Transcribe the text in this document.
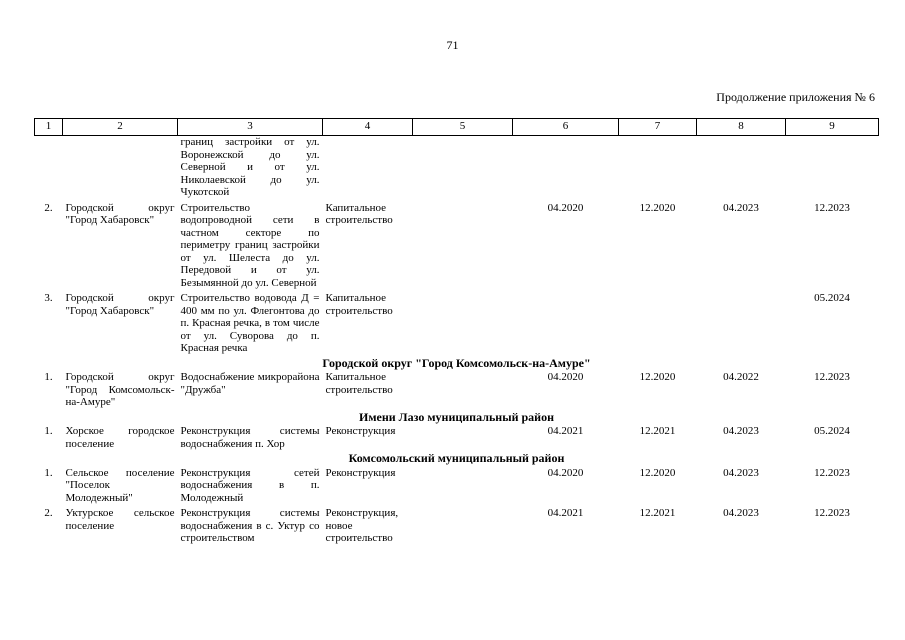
71
Продолжение приложения № 6
1	2	3	4	5	6	7	8	9
		границ застройки от ул. Воронежской до ул. Северной и от ул. Николаевской до ул. Чукотской						

2.	Городской округ "Город Хабаровск"	Строительство водопроводной сети в частном секторе по периметру границ застройки от ул. Шелеста до ул. Передовой и от ул. Безымянной до ул. Северной	Капитальное строительство		04.2020	12.2020	04.2023	12.2023

3.	Городской округ "Город Хабаровск"	Строительство водовода Д = 400 мм по ул. Флегонтова до п. Красная речка, в том числе от ул. Суворова до п. Красная речка	Капитальное строительство					05.2024
Городской округ "Город Комсомольск-на-Амуре"								
1.	Городской округ "Город Комсомольск-на-Амуре"	Водоснабжение микрорайона "Дружба"	Капитальное строительство		04.2020	12.2020	04.2022	12.2023
Имени Лазо муниципальный район								
1.	Хорское городское поселение	Реконструкция системы водоснабжения п. Хор	Реконструкция		04.2021	12.2021	04.2023	05.2024
Комсомольский муниципальный район								
1.	Сельское поселение "Поселок Молодежный"	Реконструкция сетей водоснабжения в п. Молодежный	Реконструкция		04.2020	12.2020	04.2023	12.2023

2.	Уктурское сельское поселение	Реконструкция системы водоснабжения в с. Уктур со строительством	Реконструкция, новое строительство		04.2021	12.2021	04.2023	12.2023
